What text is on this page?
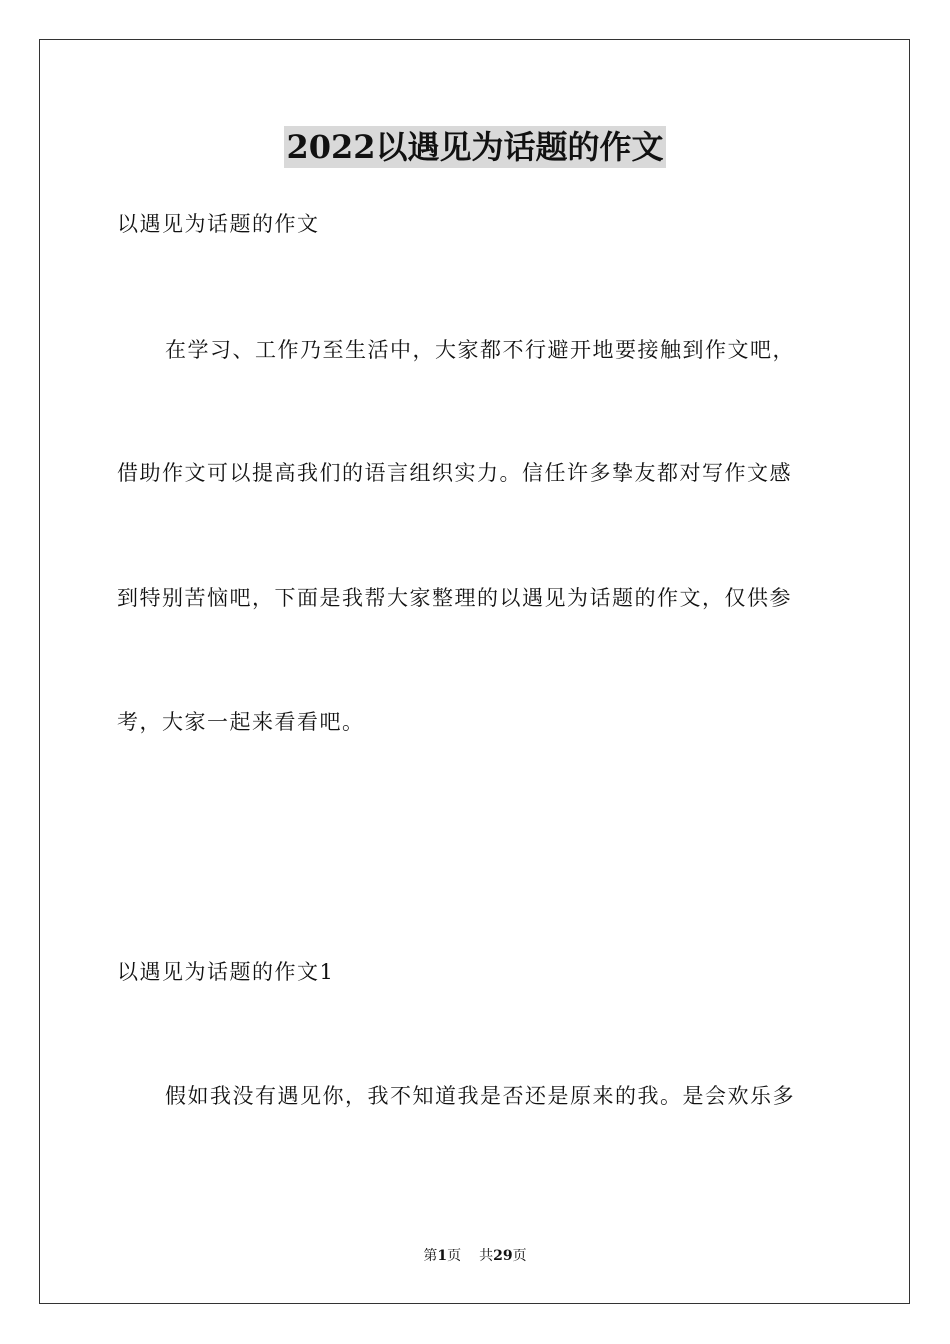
2022以遇见为话题的作文
以遇见为话题的作文
在学习、工作乃至生活中，大家都不行避开地要接触到作文吧，
借助作文可以提高我们的语言组织实力。信任许多挚友都对写作文感
到特别苦恼吧，下面是我帮大家整理的以遇见为话题的作文，仅供参
考，大家一起来看看吧。
以遇见为话题的作文1
假如我没有遇见你，我不知道我是否还是原来的我。是会欢乐多
第1页 共29页
